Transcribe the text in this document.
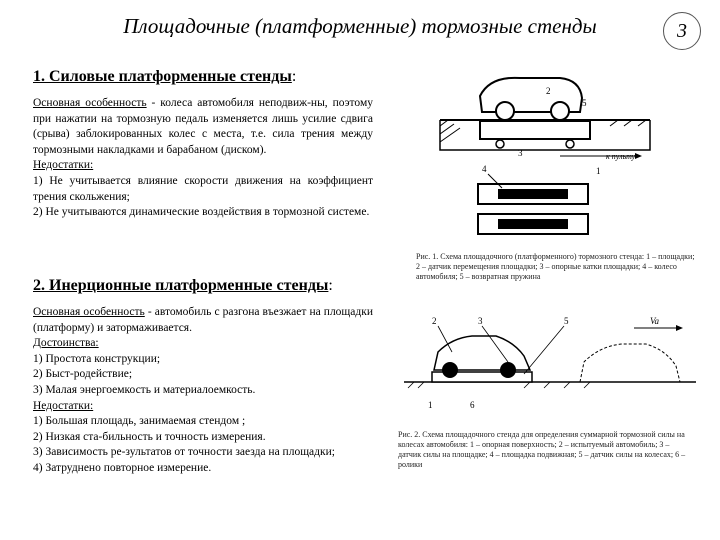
Площадочные (платформенные) тормозные стенды	3
1. Силовые платформенные стенды:
Основная особенность - колеса автомобиля неподвиж-ны, поэтому при нажатии на тормозную педаль изменяется лишь усилие сдвига (срыва) заблокированных колес с места, т.е. сила трения между тормозными накладками и барабаном (диском).
Недостатки:
1) Не учитывается влияние скорости движения на коэффициент трения скольжения;
2) Не учитываются динамические воздействия в тормозной системе.
2
5
3
1
4
к пульту
Рис. 1. Схема площадочного (платформенного) тормозного стенда: 1 – площадки; 2 – датчик перемещения площадки; 3 – опорные катки площадки; 4 – колесо автомобиля; 5 – возвратная пружина
2. Инерционные платформенные стенды:
Основная особенность - автомобиль с разгона въезжает на площадки (платформу) и затормаживается.
Достоинства:
1) Простота конструкции;
2) Быст-родействие;
3) Малая энергоемкость и материалоемкость.
Недостатки:
1) Большая площадь, занимаемая стендом ;
2) Низкая ста-бильность и точность измерения.
3) Зависимость ре-зультатов от точности заезда на площадки;
4) Затруднено повторное измерение.
2	3	5
1	6
Va
Рис. 2. Схема площадочного стенда для определения суммарной тормозной силы на колесах автомобиля: 1 – опорная поверхность; 2 – испытуемый автомобиль; 3 – датчик силы на площадке; 4 – площадка подвижная; 5 – датчик силы на колесах; 6 – ролики
